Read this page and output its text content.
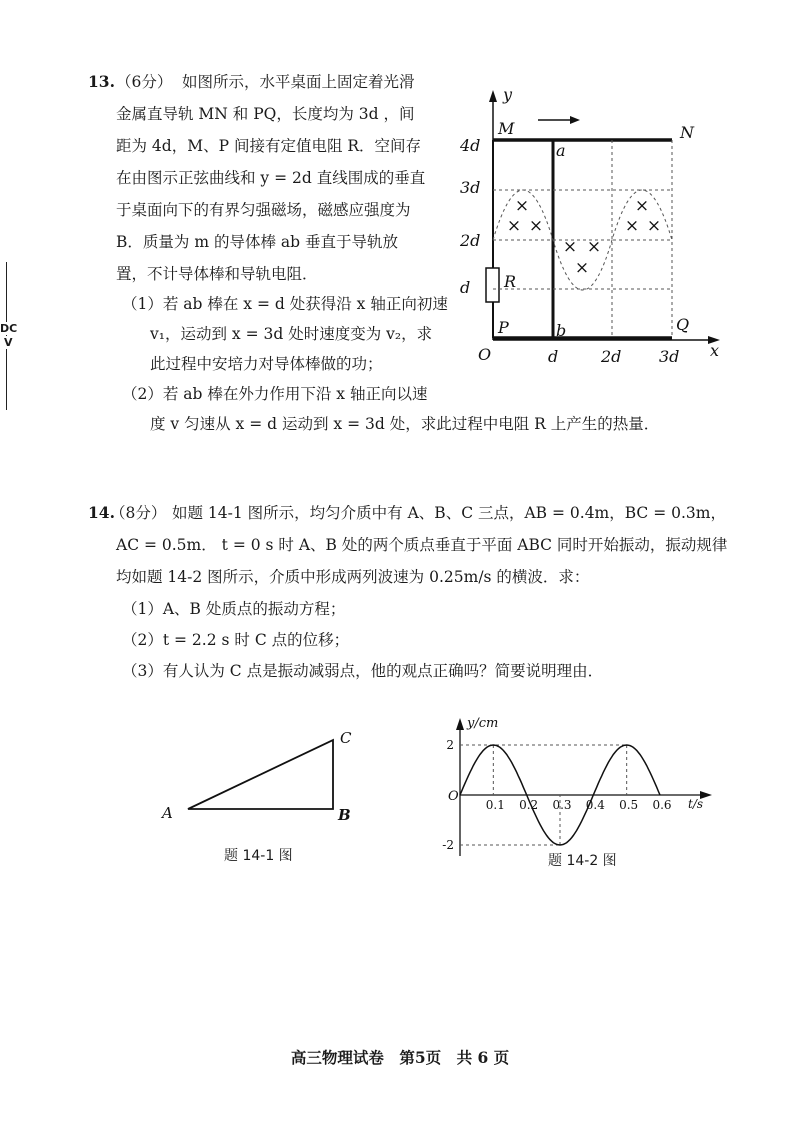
DC
V
13. （6分） 如图所示，水平桌面上固定着光滑
金属直导轨 MN 和 PQ，长度均为 3d ，间
距为 4d，M、P 间接有定值电阻 R．空间存
在由图示正弦曲线和 y = 2d 直线围成的垂直
于桌面向下的有界匀强磁场，磁感应强度为
B．质量为 m 的导体棒 ab 垂直于导轨放
置，不计导体棒和导轨电阻．
（1）若 ab 棒在 x = d 处获得沿 x 轴正向初速
v₁，运动到 x = 3d 处时速度变为 v₂，求
此过程中安培力对导体棒做的功；
（2）若 ab 棒在外力作用下沿 x 轴正向以速
度 v 匀速从 x = d 运动到 x = 3d 处，求此过程中电阻 R 上产生的热量．
×
× ×
× ×
×
×
× ×
y
x
O
M	N
P	Q
a
b
R
4d
3d
2d
d
d	2d 3d
14.
（8分） 如题 14-1 图所示，均匀介质中有 A、B、C 三点，AB = 0.4m，BC = 0.3m，
AC = 0.5m． t = 0 s 时 A、B 处的两个质点垂直于平面 ABC 同时开始振动，振动规律
均如题 14-2 图所示，介质中形成两列波速为 0.25m/s 的横波．求：
（1）A、B 处质点的振动方程；
（2）t = 2.2 s 时 C 点的位移；
（3）有人认为 C 点是振动减弱点，他的观点正确吗？简要说明理由．
A	B
C
题 14-1 图
2
-2
0.1 0.2 0.3 0.4 0.5 0.6
y/cm
t/s
O
题 14-2 图
高三物理试卷　第5页　共 6 页
